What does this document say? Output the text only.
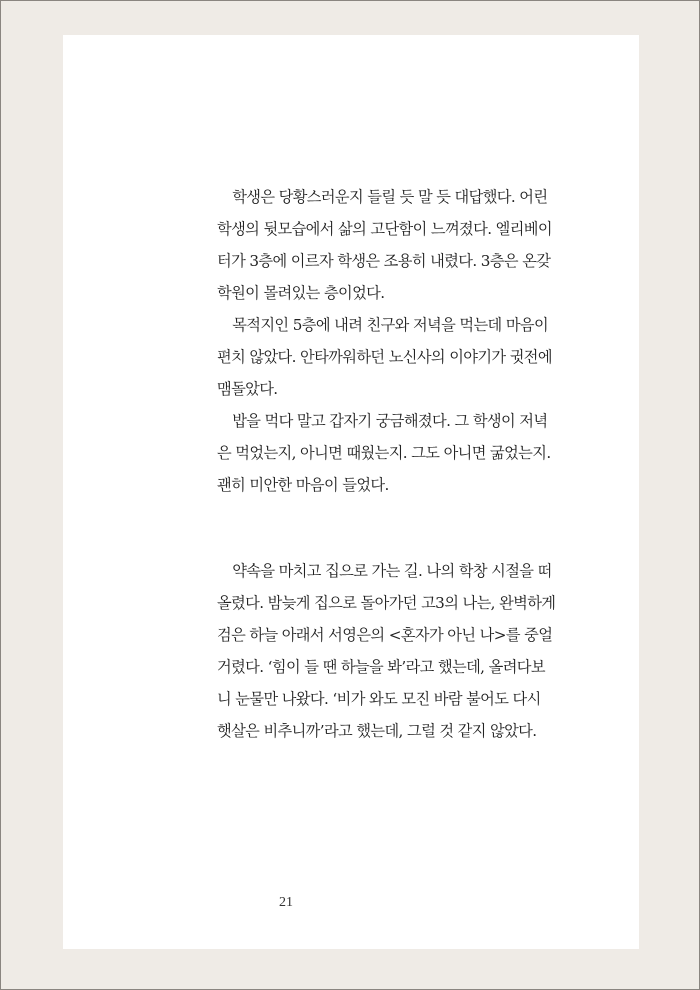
학생은 당황스러운지 들릴 듯 말 듯 대답했다. 어린
학생의 뒷모습에서 삶의 고단함이 느껴졌다. 엘리베이
터가 3층에 이르자 학생은 조용히 내렸다. 3층은 온갖
학원이 몰려있는 층이었다.

목적지인 5층에 내려 친구와 저녁을 먹는데 마음이
편치 않았다. 안타까워하던 노신사의 이야기가 귓전에
맴돌았다.

밥을 먹다 말고 갑자기 궁금해졌다. 그 학생이 저녁
은 먹었는지, 아니면 때웠는지. 그도 아니면 굶었는지.
괜히 미안한 마음이 들었다.

약속을 마치고 집으로 가는 길. 나의 학창 시절을 떠
올렸다. 밤늦게 집으로 돌아가던 고3의 나는, 완벽하게
검은 하늘 아래서 서영은의 <혼자가 아닌 나>를 중얼
거렸다. ‘힘이 들 땐 하늘을 봐’라고 했는데, 올려다보
니 눈물만 나왔다. ‘비가 와도 모진 바람 불어도 다시
햇살은 비추니까’라고 했는데, 그럴 것 같지 않았다.

21
